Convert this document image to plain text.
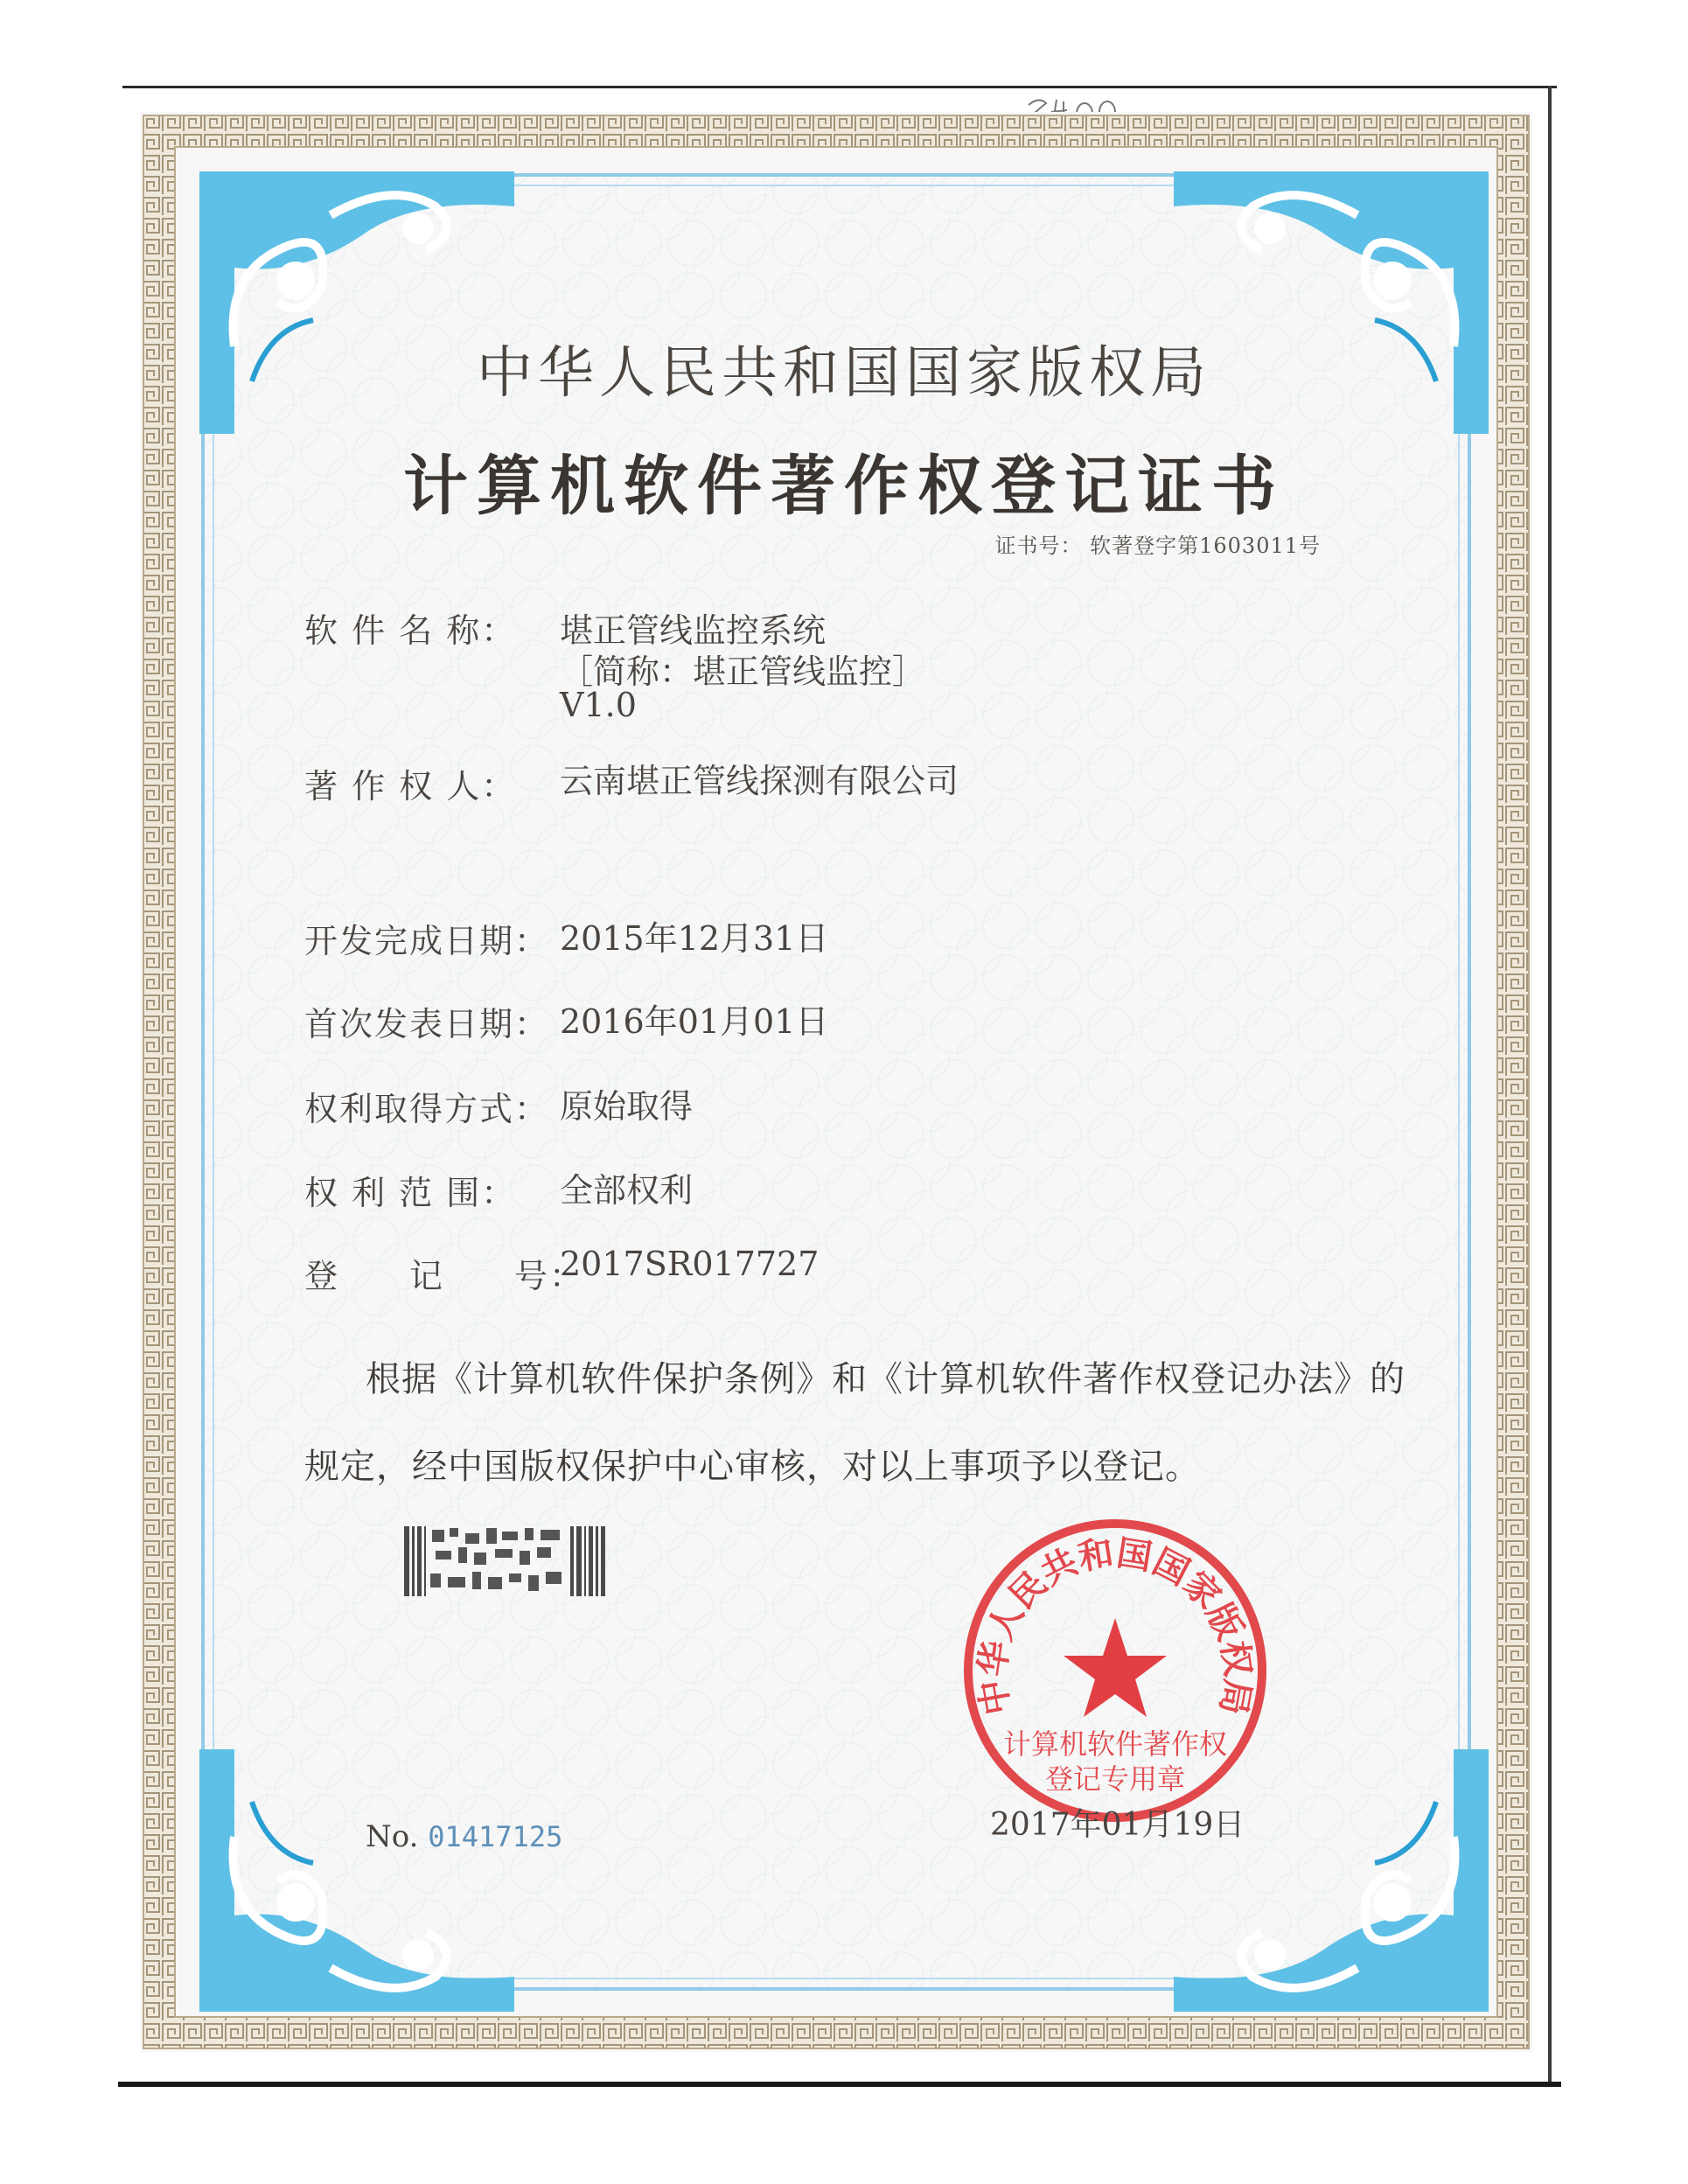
中华人民共和国国家版权局
计算机软件著作权登记证书
证书号： 软著登字第1603011号
软 件 名 称： 堪正管线监控系统
［简称：堪正管线监控］
V1.0
著 作 权 人： 云南堪正管线探测有限公司
开发完成日期： 2015年12月31日
首次发表日期： 2016年01月01日
权利取得方式： 原始取得
权 利 范 围： 全部权利
登　　记　　号：
2017SR017727
根据《计算机软件保护条例》和《计算机软件著作权登记办法》的
规定，经中国版权保护中心审核，对以上事项予以登记。
中华人民共和国国家版权局
计算机软件著作权
登记专用章
No. 01417125	2017年01月19日
